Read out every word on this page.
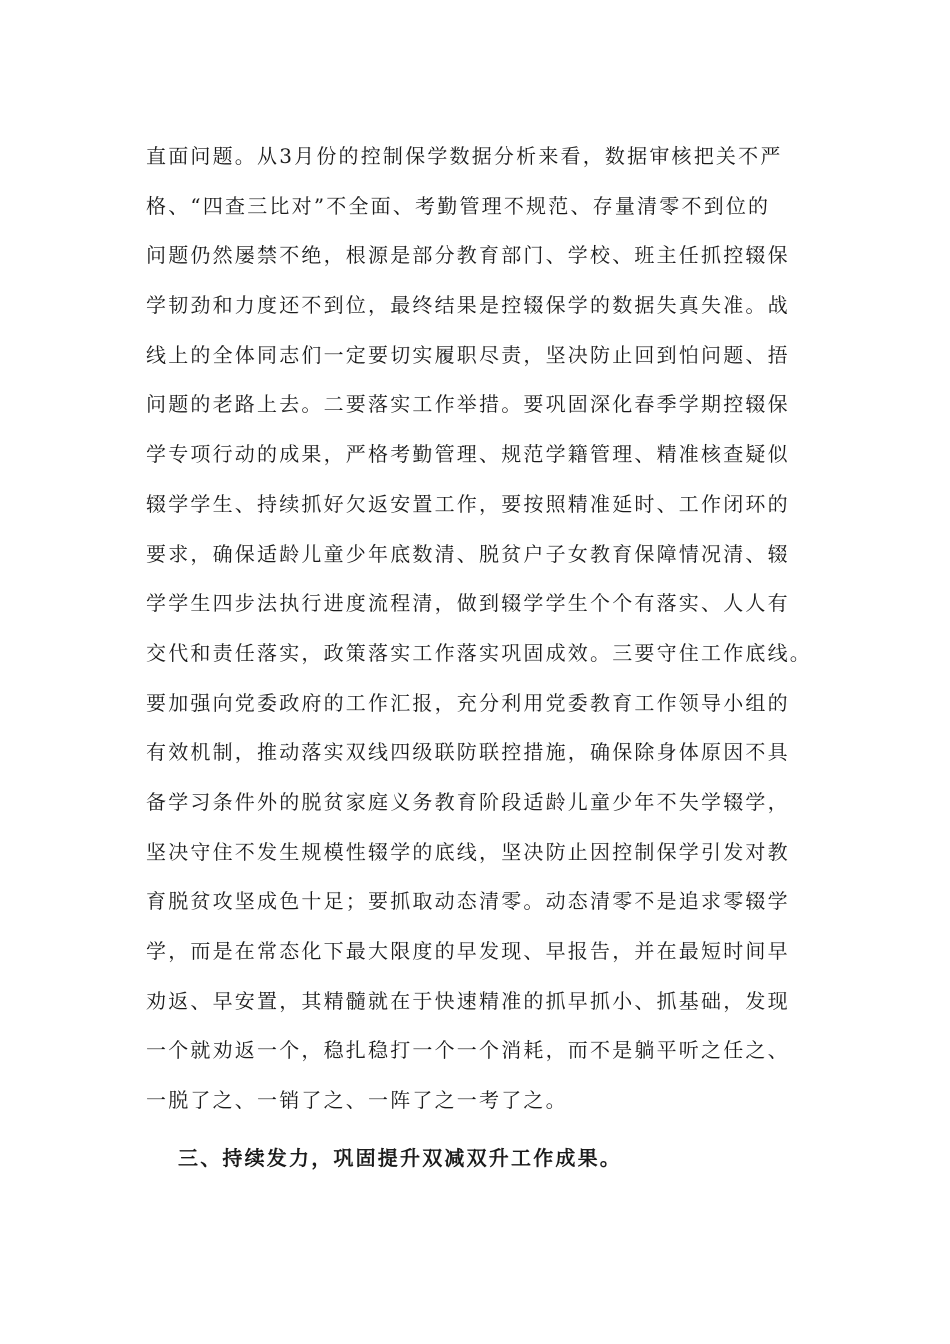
直面问题。从3月份的控制保学数据分析来看，数据审核把关不严
格、“四查三比对”不全面、考勤管理不规范、存量清零不到位的
问题仍然屡禁不绝，根源是部分教育部门、学校、班主任抓控辍保
学韧劲和力度还不到位，最终结果是控辍保学的数据失真失准。战
线上的全体同志们一定要切实履职尽责，坚决防止回到怕问题、捂
问题的老路上去。二要落实工作举措。要巩固深化春季学期控辍保
学专项行动的成果，严格考勤管理、规范学籍管理、精准核查疑似
辍学学生、持续抓好欠返安置工作，要按照精准延时、工作闭环的
要求，确保适龄儿童少年底数清、脱贫户子女教育保障情况清、辍
学学生四步法执行进度流程清，做到辍学学生个个有落实、人人有
交代和责任落实，政策落实工作落实巩固成效。三要守住工作底线。
要加强向党委政府的工作汇报，充分利用党委教育工作领导小组的
有效机制，推动落实双线四级联防联控措施，确保除身体原因不具
备学习条件外的脱贫家庭义务教育阶段适龄儿童少年不失学辍学，
坚决守住不发生规模性辍学的底线，坚决防止因控制保学引发对教
育脱贫攻坚成色十足；要抓取动态清零。动态清零不是追求零辍学
学，而是在常态化下最大限度的早发现、早报告，并在最短时间早
劝返、早安置，其精髓就在于快速精准的抓早抓小、抓基础，发现
一个就劝返一个，稳扎稳打一个一个消耗，而不是躺平听之任之、
一脱了之、一销了之、一阵了之一考了之。
三、持续发力，巩固提升双减双升工作成果。
